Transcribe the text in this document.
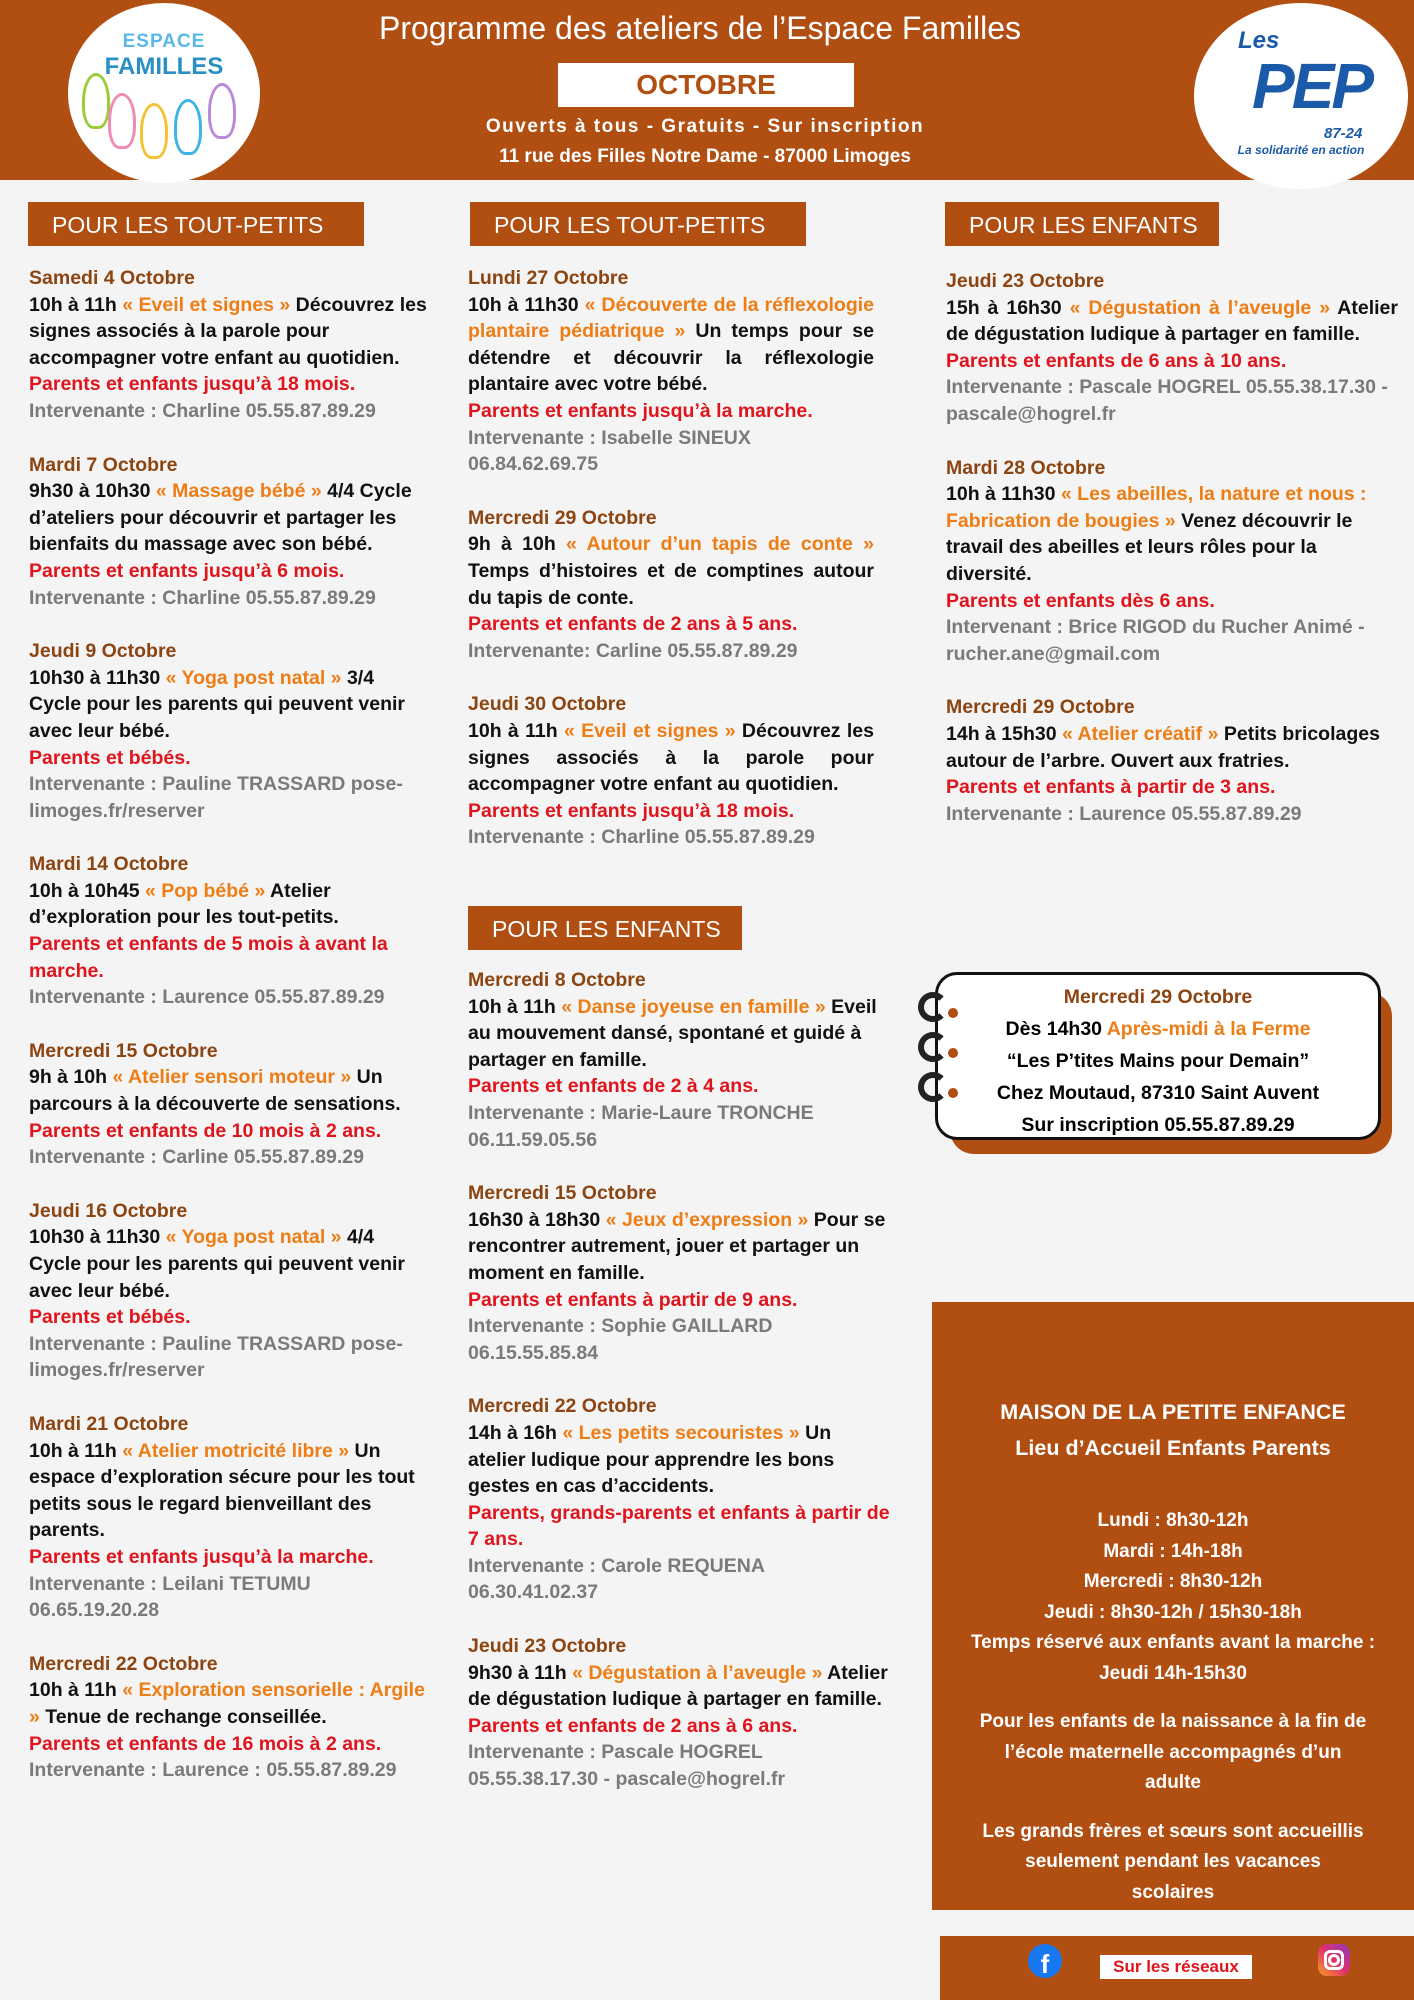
ESPACE
FAMILLES
Les
PEP
87-24
La solidarité en action
Programme des ateliers de l’Espace Familles
OCTOBRE
Ouverts à tous - Gratuits - Sur inscription
11 rue des Filles Notre Dame - 87000 Limoges
POUR LES TOUT-PETITS
Samedi 4 Octobre
10h à 11h « Eveil et signes » Découvrez les signes associés à la parole pour accompagner votre enfant au quotidien.
Parents et enfants jusqu’à 18 mois.
Intervenante : Charline 05.55.87.89.29
Mardi 7 Octobre
9h30 à 10h30 « Massage bébé » 4/4 Cycle d’ateliers pour découvrir et partager les bienfaits du massage avec son bébé.
Parents et enfants jusqu’à 6 mois.
Intervenante : Charline 05.55.87.89.29
Jeudi 9 Octobre
10h30 à 11h30 « Yoga post natal » 3/4 Cycle pour les parents qui peuvent venir avec leur bébé.
Parents et bébés.
Intervenante : Pauline TRASSARD pose-limoges.fr/reserver
Mardi 14 Octobre
10h à 10h45 « Pop bébé » Atelier d’exploration pour les tout-petits.
Parents et enfants de 5 mois à avant la marche.
Intervenante : Laurence 05.55.87.89.29
Mercredi 15 Octobre
9h à 10h « Atelier sensori moteur » Un parcours à la découverte de sensations.
Parents et enfants de 10 mois à 2 ans.
Intervenante : Carline 05.55.87.89.29
Jeudi 16 Octobre
10h30 à 11h30 « Yoga post natal » 4/4 Cycle pour les parents qui peuvent venir avec leur bébé.
Parents et bébés.
Intervenante : Pauline TRASSARD pose-limoges.fr/reserver
Mardi 21 Octobre
10h à 11h « Atelier motricité libre » Un espace d’exploration sécure pour les tout petits sous le regard bienveillant des parents.
Parents et enfants jusqu’à la marche.
Intervenante : Leilani TETUMU 06.65.19.20.28
Mercredi 22 Octobre
10h à 11h « Exploration sensorielle : Argile » Tenue de rechange conseillée.
Parents et enfants de 16 mois à 2 ans.
Intervenante : Laurence : 05.55.87.89.29
POUR LES TOUT-PETITS
Lundi 27 Octobre
10h à 11h30 « Découverte de la réflexologie plantaire pédiatrique » Un temps pour se détendre et découvrir la réflexologie plantaire avec votre bébé.
Parents et enfants jusqu’à la marche.
Intervenante : Isabelle SINEUX 06.84.62.69.75
Mercredi 29 Octobre
9h à 10h « Autour d’un tapis de conte » Temps d’histoires et de comptines autour du tapis de conte.
Parents et enfants de 2 ans à 5 ans.
Intervenante: Carline 05.55.87.89.29
Jeudi 30 Octobre
10h à 11h « Eveil et signes » Découvrez les signes associés à la parole pour accompagner votre enfant au quotidien.
Parents et enfants jusqu’à 18 mois.
Intervenante : Charline 05.55.87.89.29
POUR LES ENFANTS
Mercredi 8 Octobre
10h à 11h « Danse joyeuse en famille » Eveil au mouvement dansé, spontané et guidé à partager en famille.
Parents et enfants de 2 à 4 ans.
Intervenante : Marie-Laure TRONCHE 06.11.59.05.56
Mercredi 15 Octobre
16h30 à 18h30 « Jeux d’expression » Pour se rencontrer autrement, jouer et partager un moment en famille.
Parents et enfants à partir de 9 ans.
Intervenante : Sophie GAILLARD 06.15.55.85.84
Mercredi 22 Octobre
14h à 16h « Les petits secouristes » Un atelier ludique pour apprendre les bons gestes en cas d’accidents.
Parents, grands-parents et enfants à partir de 7 ans.
Intervenante : Carole REQUENA 06.30.41.02.37
Jeudi 23 Octobre
9h30 à 11h « Dégustation à l’aveugle » Atelier de dégustation ludique à partager en famille.
Parents et enfants de 2 ans à 6 ans.
Intervenante : Pascale HOGREL 05.55.38.17.30 - pascale@hogrel.fr
POUR LES ENFANTS
Jeudi 23 Octobre
15h à 16h30 « Dégustation à l’aveugle » Atelier de dégustation ludique à partager en famille.
Parents et enfants de 6 ans à 10 ans.
Intervenante : Pascale HOGREL 05.55.38.17.30 - pascale@hogrel.fr
Mardi 28 Octobre
10h à 11h30 « Les abeilles, la nature et nous : Fabrication de bougies » Venez découvrir le travail des abeilles et leurs rôles pour la diversité.
Parents et enfants dès 6 ans.
Intervenant : Brice RIGOD du Rucher Animé - rucher.ane@gmail.com
Mercredi 29 Octobre
14h à 15h30 « Atelier créatif » Petits bricolages autour de l’arbre. Ouvert aux fratries.
Parents et enfants à partir de 3 ans.
Intervenante : Laurence 05.55.87.89.29
Mercredi 29 Octobre
Dès 14h30 Après-midi à la Ferme
“Les P’tites Mains pour Demain”
Chez Moutaud, 87310 Saint Auvent
Sur inscription 05.55.87.89.29
MAISON DE LA PETITE ENFANCE
Lieu d’Accueil Enfants Parents
Lundi : 8h30-12h
Mardi : 14h-18h
Mercredi : 8h30-12h
Jeudi : 8h30-12h / 15h30-18h
Temps réservé aux enfants avant la marche :
Jeudi 14h-15h30
Pour les enfants de la naissance à la fin de l’école maternelle accompagnés d’un adulte
Les grands frères et sœurs sont accueillis seulement pendant les vacances scolaires
f	Sur les réseaux
